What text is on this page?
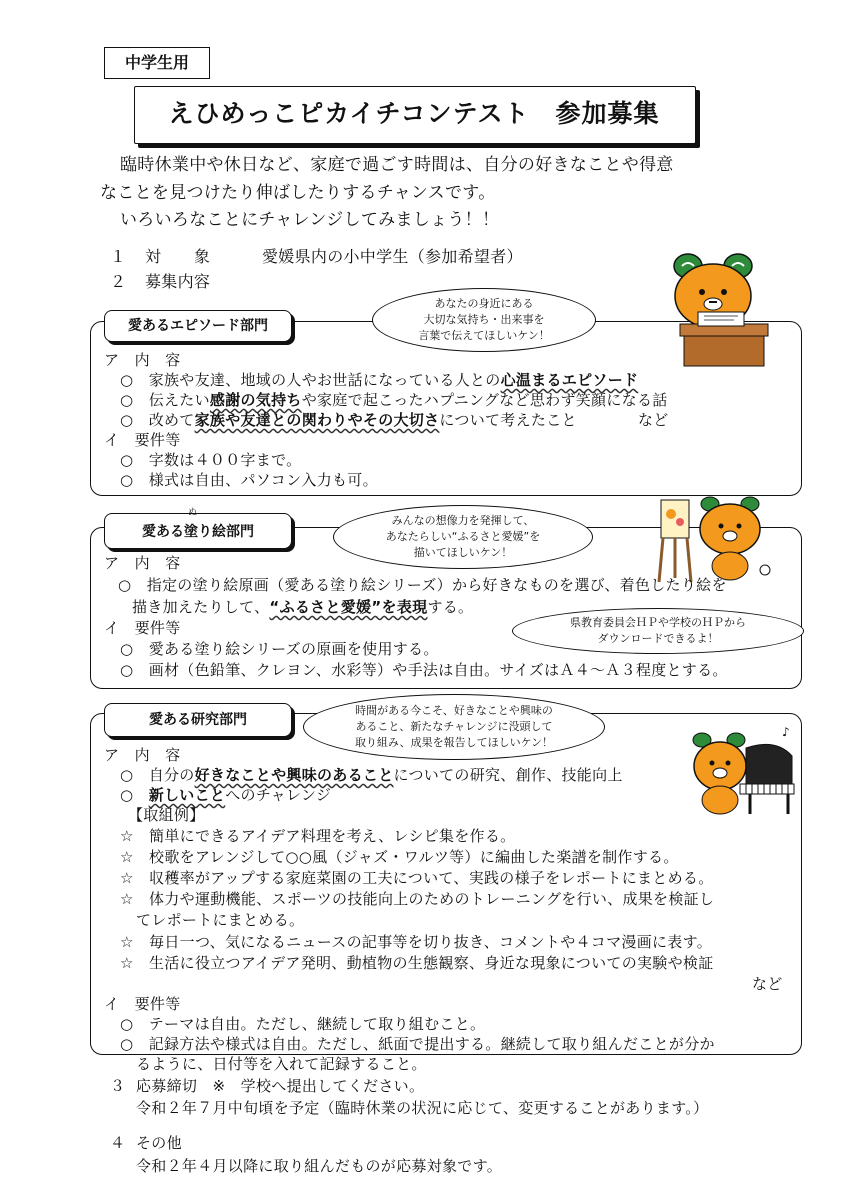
中学生用
えひめっこピカイチコンテスト　参加募集
臨時休業中や休日など、家庭で過ごす時間は、自分の好きなことや得意
なことを見つけたり伸ばしたりするチャンスです。
いろいろなことにチャレンジしてみましょう！！
１ 対　　象	愛媛県内の小中学生（参加希望者）
２ 募集内容
愛あるエピソード部門
あなたの身近にある
大切な気持ち・出来事を
言葉で伝えてほしいケン！
ア　内　容
○　家族や友達、地域の人やお世話になっている人との心温まるエピソード
○　伝えたい感謝の気持ちや家庭で起こったハプニングなど思わず笑顔になる話
○　改めて家族や友達との関わりやその大切さについて考えたこと　　　　など
イ　要件等
○　字数は４００字まで。
○　様式は自由、パソコン入力も可。
愛ある塗り絵部門
ぬ
みんなの想像力を発揮して、
あなたらしい“ふるさと愛媛”を
描いてほしいケン！
ア　内　容
○　指定の塗り絵原画（愛ある塗り絵シリーズ）から好きなものを選び、着色したり絵を
描き加えたりして、“ふるさと愛媛”を表現する。
イ　要件等
○　愛ある塗り絵シリーズの原画を使用する。
○　画材（色鉛筆、クレヨン、水彩等）や手法は自由。サイズはＡ４～Ａ３程度とする。
県教育委員会ＨＰや学校のＨＰから
ダウンロードできるよ！
愛ある研究部門
時間がある今こそ、好きなことや興味の
あること、新たなチャレンジに没頭して
取り組み、成果を報告してほしいケン！
♪
ア　内　容
○　自分の好きなことや興味のあることについての研究、創作、技能向上
○　新しいことへのチャレンジ
【取組例】
☆　簡単にできるアイデア料理を考え、レシピ集を作る。
☆　校歌をアレンジして○○風（ジャズ・ワルツ等）に編曲した楽譜を制作する。
☆　収穫率がアップする家庭菜園の工夫について、実践の様子をレポートにまとめる。
☆　体力や運動機能、スポーツの技能向上のためのトレーニングを行い、成果を検証し
てレポートにまとめる。
☆　毎日一つ、気になるニュースの記事等を切り抜き、コメントや４コマ漫画に表す。
☆　生活に役立つアイデア発明、動植物の生態観察、身近な現象についての実験や検証
など
イ　要件等
○　テーマは自由。ただし、継続して取り組むこと。
○　記録方法や様式は自由。ただし、紙面で提出する。継続して取り組んだことが分か
るように、日付等を入れて記録すること。
３ 応募締切　※　学校へ提出してください。
令和２年７月中旬頃を予定（臨時休業の状況に応じて、変更することがあります。）
４ その他
令和２年４月以降に取り組んだものが応募対象です。
